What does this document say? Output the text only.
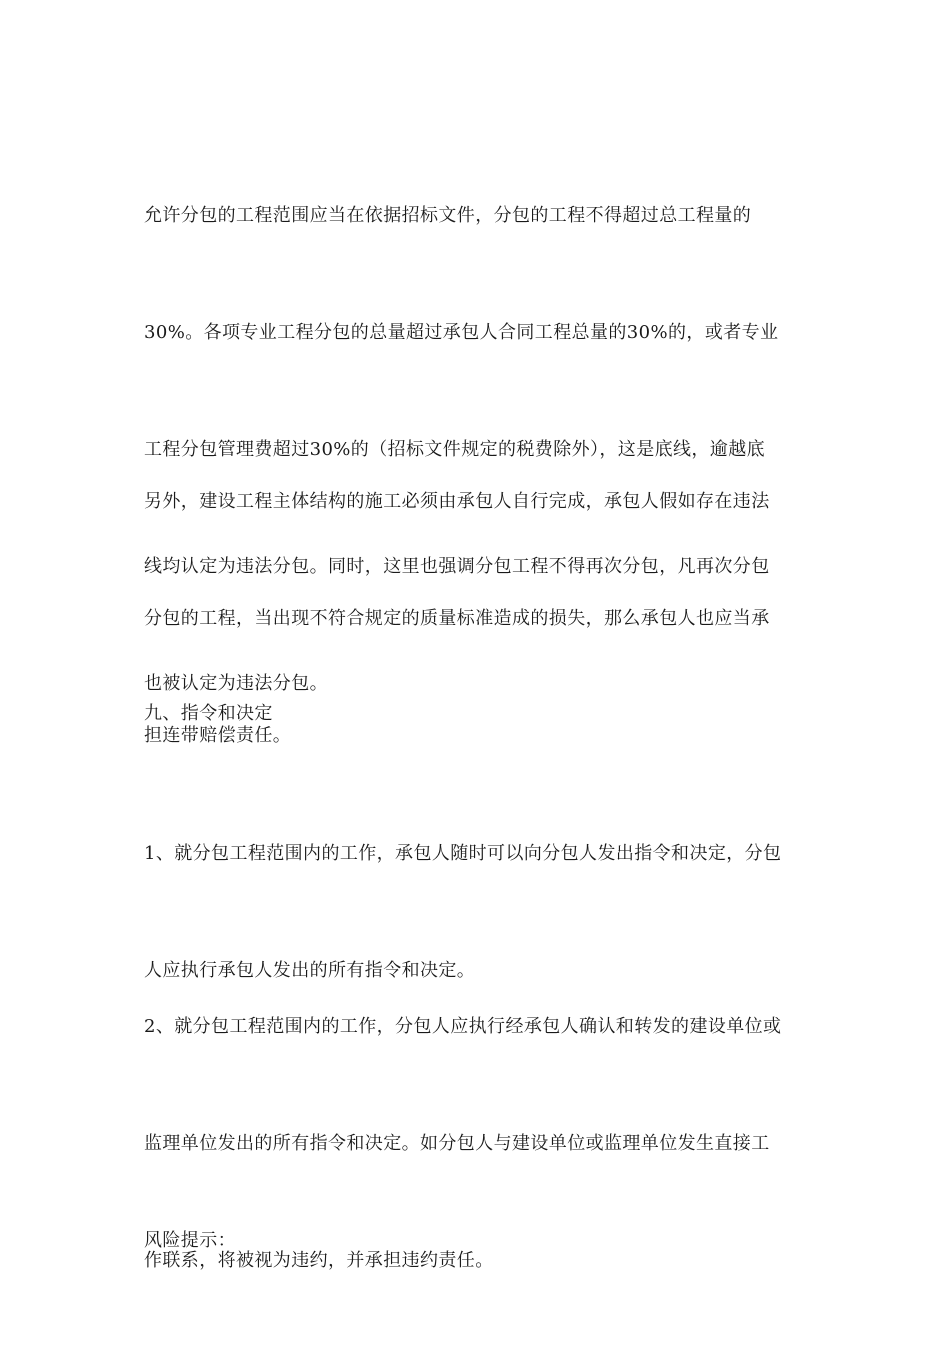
允许分包的工程范围应当在依据招标文件，分包的工程不得超过总工程量的

30%。各项专业工程分包的总量超过承包人合同工程总量的30%的，或者专业

工程分包管理费超过30%的（招标文件规定的税费除外），这是底线，逾越底

线均认定为违法分包。同时，这里也强调分包工程不得再次分包，凡再次分包

也被认定为违法分包。

另外，建设工程主体结构的施工必须由承包人自行完成，承包人假如存在违法

分包的工程，当出现不符合规定的质量标准造成的损失，那么承包人也应当承

担连带赔偿责任。

九、指令和决定

1、就分包工程范围内的工作，承包人随时可以向分包人发出指令和决定，分包

人应执行承包人发出的所有指令和决定。

2、就分包工程范围内的工作，分包人应执行经承包人确认和转发的建设单位或

监理单位发出的所有指令和决定。如分包人与建设单位或监理单位发生直接工

作联系，将被视为违约，并承担违约责任。

风险提示：
